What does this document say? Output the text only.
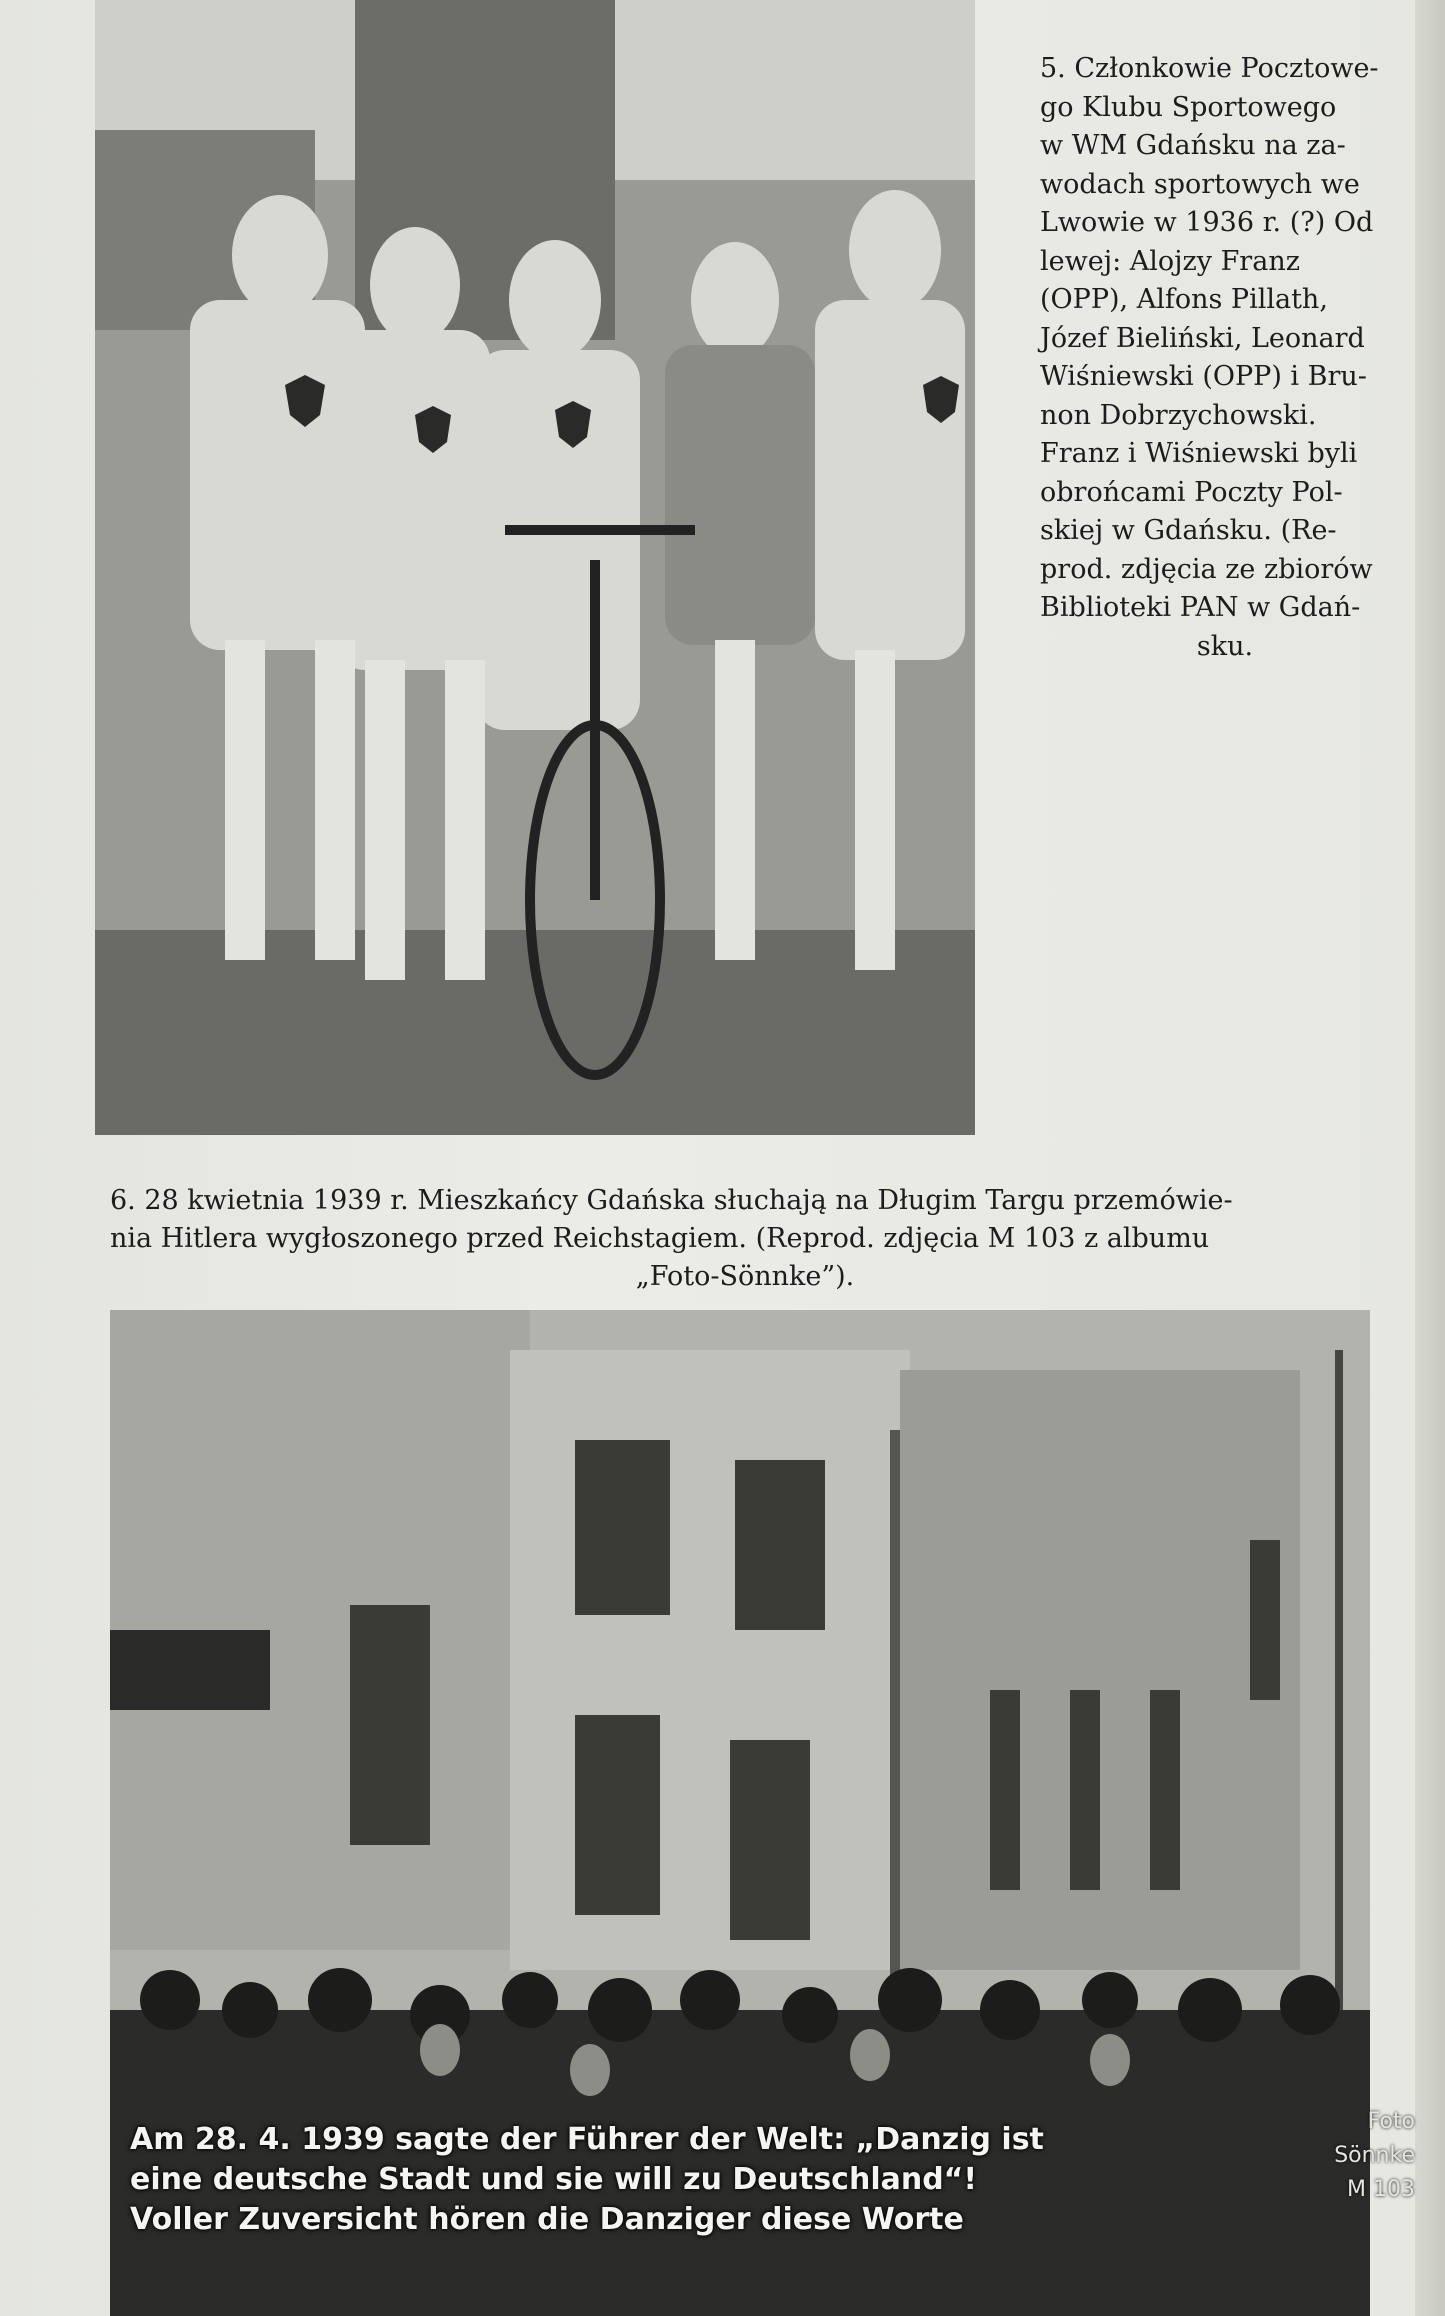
5. Członkowie Pocztowe-

go Klubu Sportowego

w WM Gdańsku na za-

wodach sportowych we

Lwowie w 1936 r. (?) Od

lewej: Alojzy Franz

(OPP), Alfons Pillath,

Józef Bieliński, Leonard

Wiśniewski (OPP) i Bru-

non Dobrzychowski.

Franz i Wiśniewski byli

obrońcami Poczty Pol-

skiej w Gdańsku. (Re-

prod. zdjęcia ze zbiorów

Biblioteki PAN w Gdań-

sku.

6. 28 kwietnia 1939 r. Mieszkańcy Gdańska słuchają na Długim Targu przemówie-

nia Hitlera wygłoszonego przed Reichstagiem. (Reprod. zdjęcia M 103 z albumu

„Foto-Sönnke”).

Am 28. 4. 1939 sagte der Führer der Welt: „Danzig ist

eine deutsche Stadt und sie will zu Deutschland“!

Voller Zuversicht hören die Danziger diese Worte

Foto Sönnke

M 103
